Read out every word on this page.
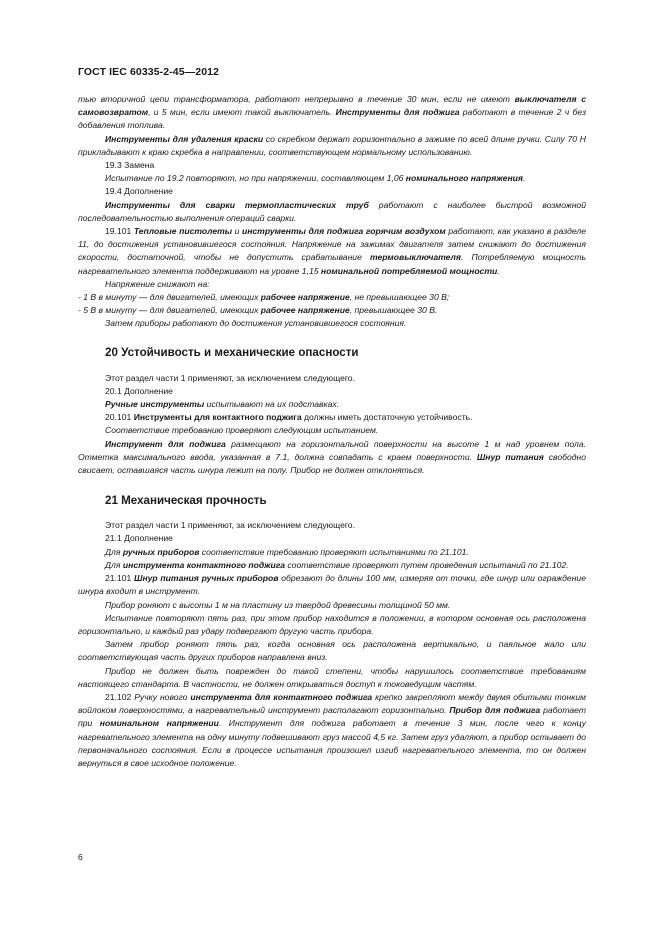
ГОСТ IEC 60335-2-45—2012

тью вторичной цепи трансформатора, работают непрерывно в течение 30 мин, если не имеют выключателя с самовозвратом, и 5 мин, если имеют такой выключатель. Инструменты для поджига работают в течение 2 ч без добавления топлива.

Инструменты для удаления краски со скребком держат горизонтально в зажиме по всей длине ручки. Силу 70 Н прикладывают к краю скребка в направлении, соответствующем нормальному использованию.

19.3 Замена

Испытание по 19.2 повторяют, но при напряжении, составляющем 1,06 номинального напряжения.

19.4 Дополнение

Инструменты для сварки термопластических труб работают с наиболее быстрой возможной последовательностью выполнения операций сварки.

19.101 Тепловые пистолеты и инструменты для поджига горячим воздухом работают, как указано в разделе 11, до достижения установившегося состояния. Напряжение на зажимах двигателя затем снижают до достижения скорости, достаточной, чтобы не допустить срабатывание термовыключателя. Потребляемую мощность нагревательного элемента поддерживают на уровне 1,15 номинальной потребляемой мощности.

Напряжение снижают на:

- 1 В в минуту — для двигателей, имеющих рабочее напряжение, не превышающее 30 В;

- 5 В в минуту — для двигателей, имеющих рабочее напряжение, превышающее 30 В.

Затем приборы работают до достижения установившегося состояния.

20 Устойчивость и механические опасности

Этот раздел части 1 применяют, за исключением следующего.

20.1 Дополнение

Ручные инструменты испытывают на их подставках.

20.101 Инструменты для контактного поджига должны иметь достаточную устойчивость.

Соответствие требованию проверяют следующим испытанием.

Инструмент для поджига размещают на горизонтальной поверхности на высоте 1 м над уровнем пола. Отметка максимального ввода, указанная в 7.1, должна совпадать с краем поверхности. Шнур питания свободно свисает, оставшаяся часть шнура лежит на полу. Прибор не должен отклоняться.

21 Механическая прочность

Этот раздел части 1 применяют, за исключением следующего.

21.1 Дополнение

Для ручных приборов соответствие требованию проверяют испытаниями по 21.101.

Для инструмента контактного поджига соответствие проверяют путем проведения испытаний по 21.102.

21.101 Шнур питания ручных приборов обрезают до длины 100 мм, измеряя от точки, где шнур или ограждение шнура входит в инструмент.

Прибор роняют с высоты 1 м на пластину из твердой древесины толщиной 50 мм.

Испытание повторяют пять раз, при этом прибор находится в положении, в котором основная ось расположена горизонтально, и каждый раз удару подвергают другую часть прибора.

Затем прибор роняют пять раз, когда основная ось расположена вертикально, и паяльное жало или соответствующая часть других приборов направлена вниз.

Прибор не должен быть поврежден до такой степени, чтобы нарушилось соответствие требованиям настоящего стандарта. В частности, не должен открываться доступ к токоведущим частям.

21.102 Ручку нового инструмента для контактного поджига крепко закрепляют между двумя обитыми тонким войлоком поверхностями, а нагревательный инструмент располагают горизонтально. Прибор для поджига работает при номинальном напряжении. Инструмент для поджига работает в течение 3 мин, после чего к концу нагревательного элемента на одну минуту подвешивают груз массой 4,5 кг. Затем груз удаляют, а прибор остывает до первоначального состояния. Если в процессе испытания произошел изгиб нагревательного элемента, то он должен вернуться в свое исходное положение.

6
